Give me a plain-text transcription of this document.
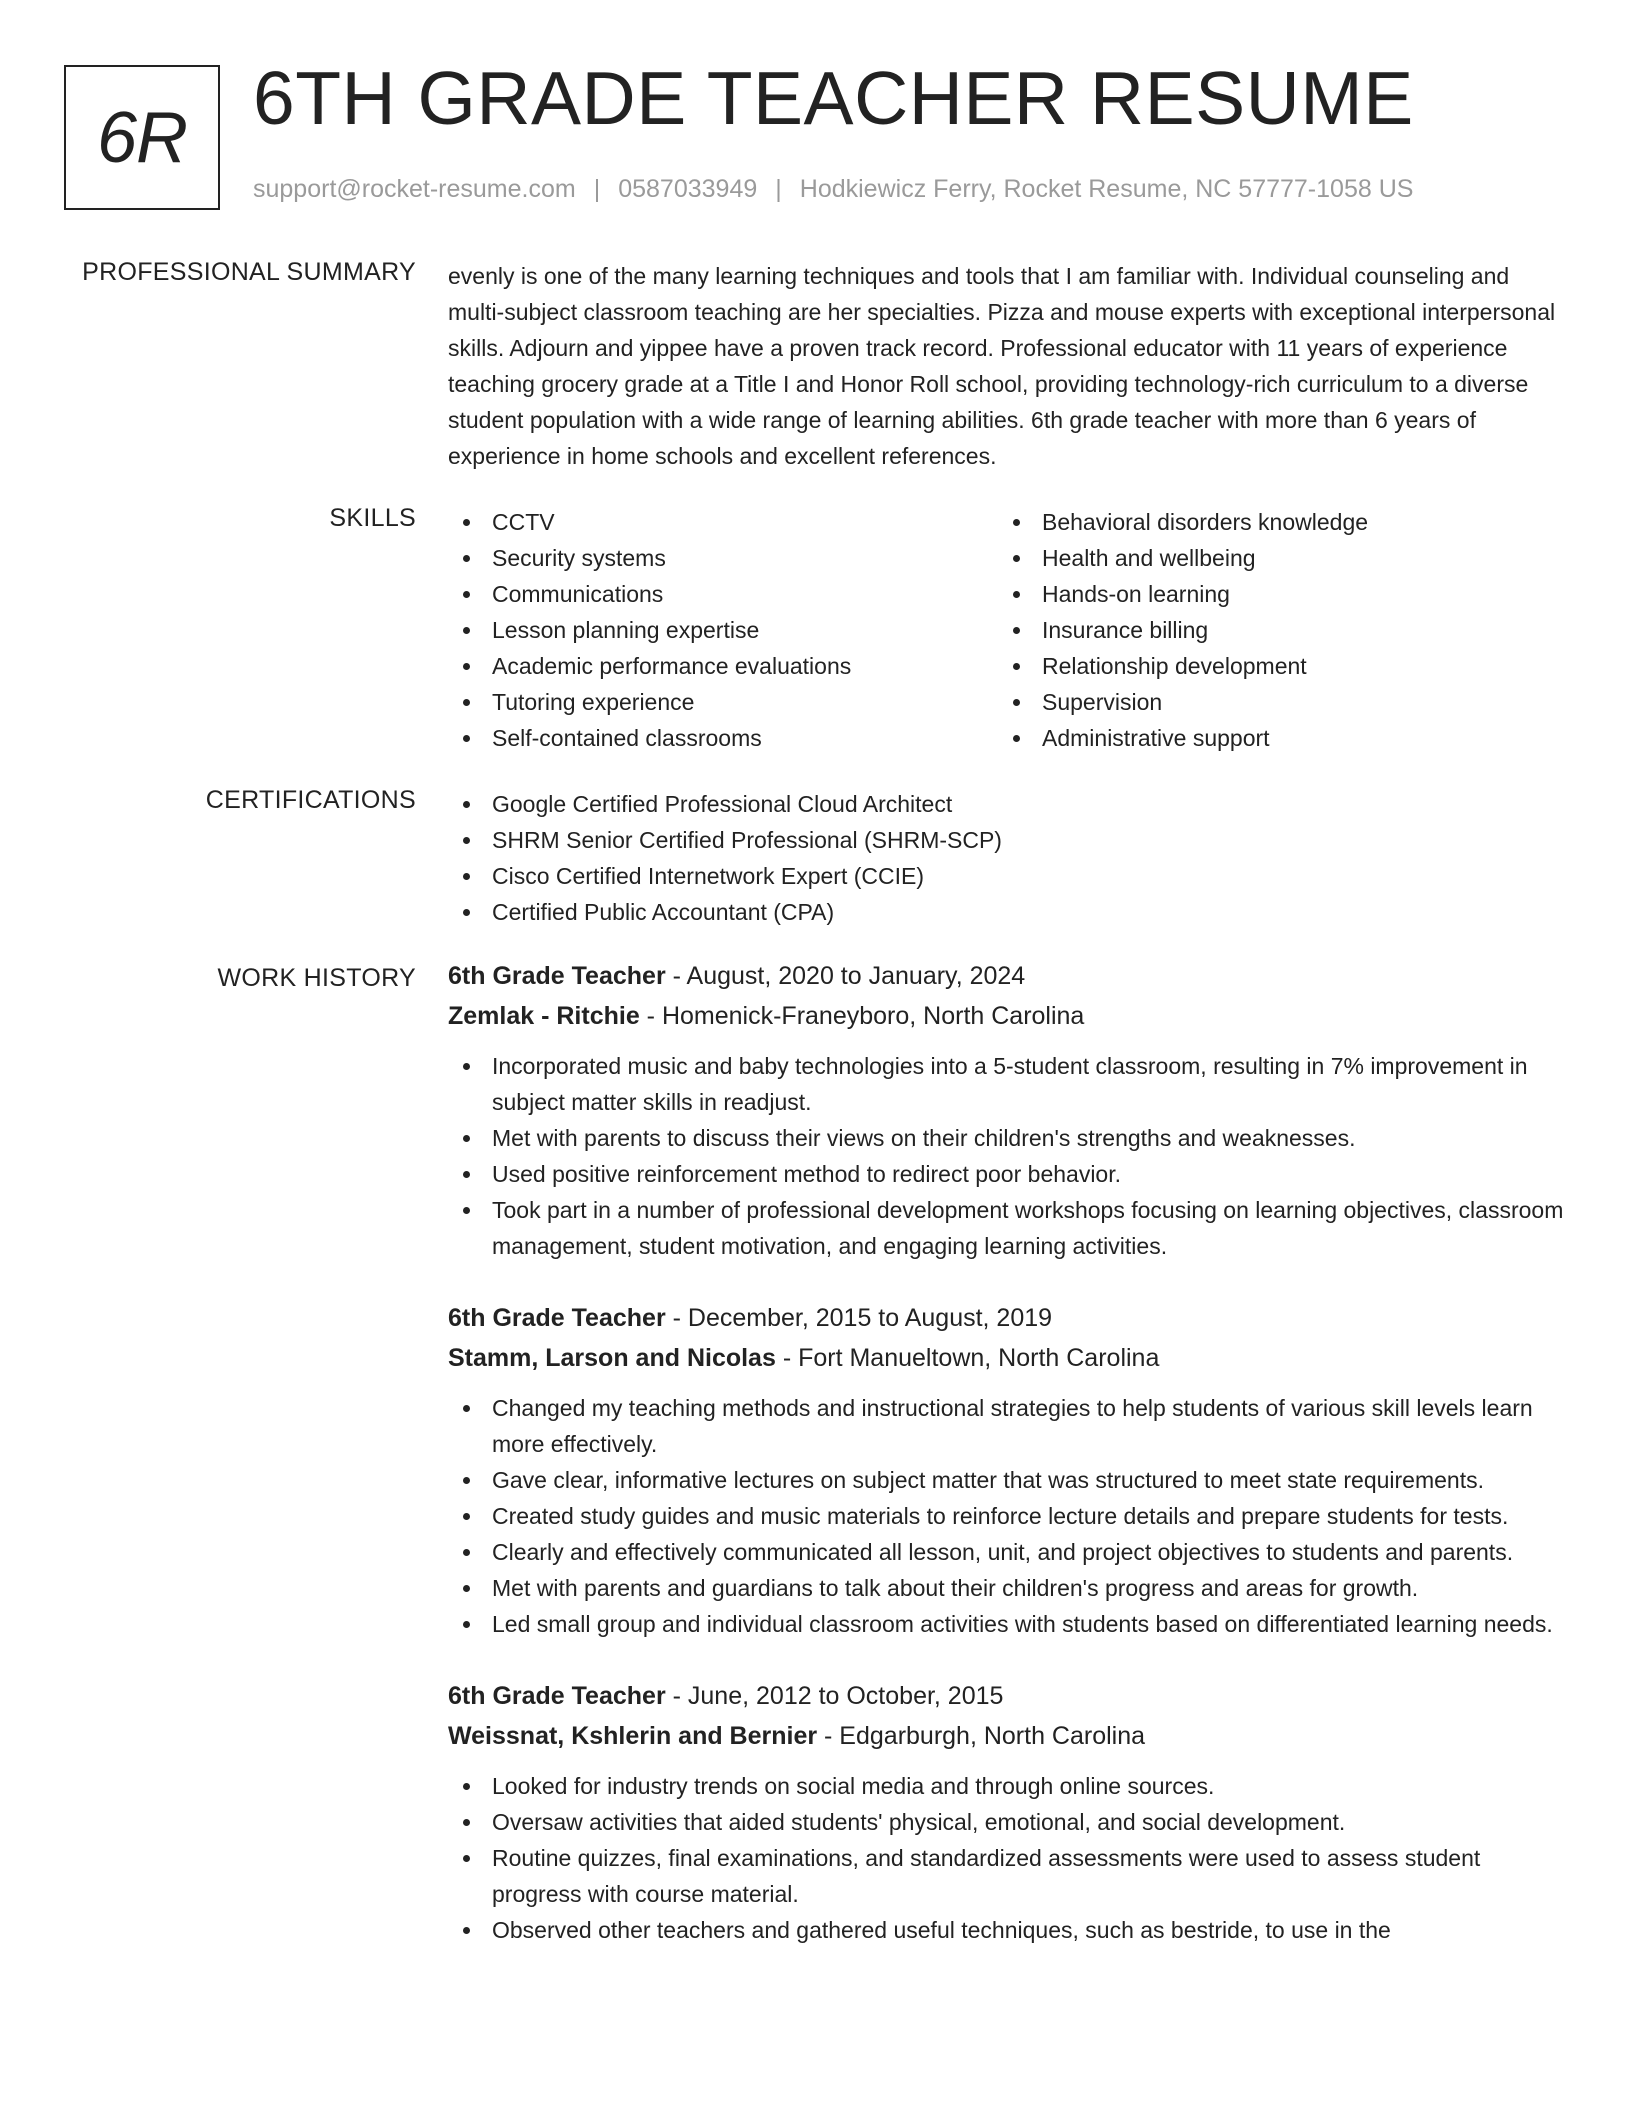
6R 6TH GRADE TEACHER RESUME
support@rocket-resume.com | 0587033949 | Hodkiewicz Ferry, Rocket Resume, NC 57777-1058 US
PROFESSIONAL SUMMARY evenly is one of the many learning techniques and tools that I am familiar with. Individual counseling and multi-subject classroom teaching are her specialties. Pizza and mouse experts with exceptional interpersonal skills. Adjourn and yippee have a proven track record. Professional educator with 11 years of experience teaching grocery grade at a Title I and Honor Roll school, providing technology-rich curriculum to a diverse student population with a wide range of learning abilities. 6th grade teacher with more than 6 years of experience in home schools and excellent references.
SKILLS	CCTV
Security systems
Communications
Lesson planning expertise
Academic performance evaluations
Tutoring experience
Self-contained classrooms
Behavioral disorders knowledge
Health and wellbeing
Hands-on learning
Insurance billing
Relationship development
Supervision
Administrative support
CERTIFICATIONS	Google Certified Professional Cloud Architect
SHRM Senior Certified Professional (SHRM-SCP)
Cisco Certified Internetwork Expert (CCIE)
Certified Public Accountant (CPA)
WORK HISTORY 6th Grade Teacher - August, 2020 to January, 2024
Zemlak - Ritchie - Homenick-Franeyboro, North Carolina
Incorporated music and baby technologies into a 5-student classroom, resulting in 7% improvement in subject matter skills in readjust.
Met with parents to discuss their views on their children's strengths and weaknesses.
Used positive reinforcement method to redirect poor behavior.
Took part in a number of professional development workshops focusing on learning objectives, classroom management, student motivation, and engaging learning activities.
6th Grade Teacher - December, 2015 to August, 2019
Stamm, Larson and Nicolas - Fort Manueltown, North Carolina
Changed my teaching methods and instructional strategies to help students of various skill levels learn more effectively.
Gave clear, informative lectures on subject matter that was structured to meet state requirements.
Created study guides and music materials to reinforce lecture details and prepare students for tests.
Clearly and effectively communicated all lesson, unit, and project objectives to students and parents.
Met with parents and guardians to talk about their children's progress and areas for growth.
Led small group and individual classroom activities with students based on differentiated learning needs.
6th Grade Teacher - June, 2012 to October, 2015
Weissnat, Kshlerin and Bernier - Edgarburgh, North Carolina
Looked for industry trends on social media and through online sources.
Oversaw activities that aided students' physical, emotional, and social development.
Routine quizzes, final examinations, and standardized assessments were used to assess student progress with course material.
Observed other teachers and gathered useful techniques, such as bestride, to use in the
